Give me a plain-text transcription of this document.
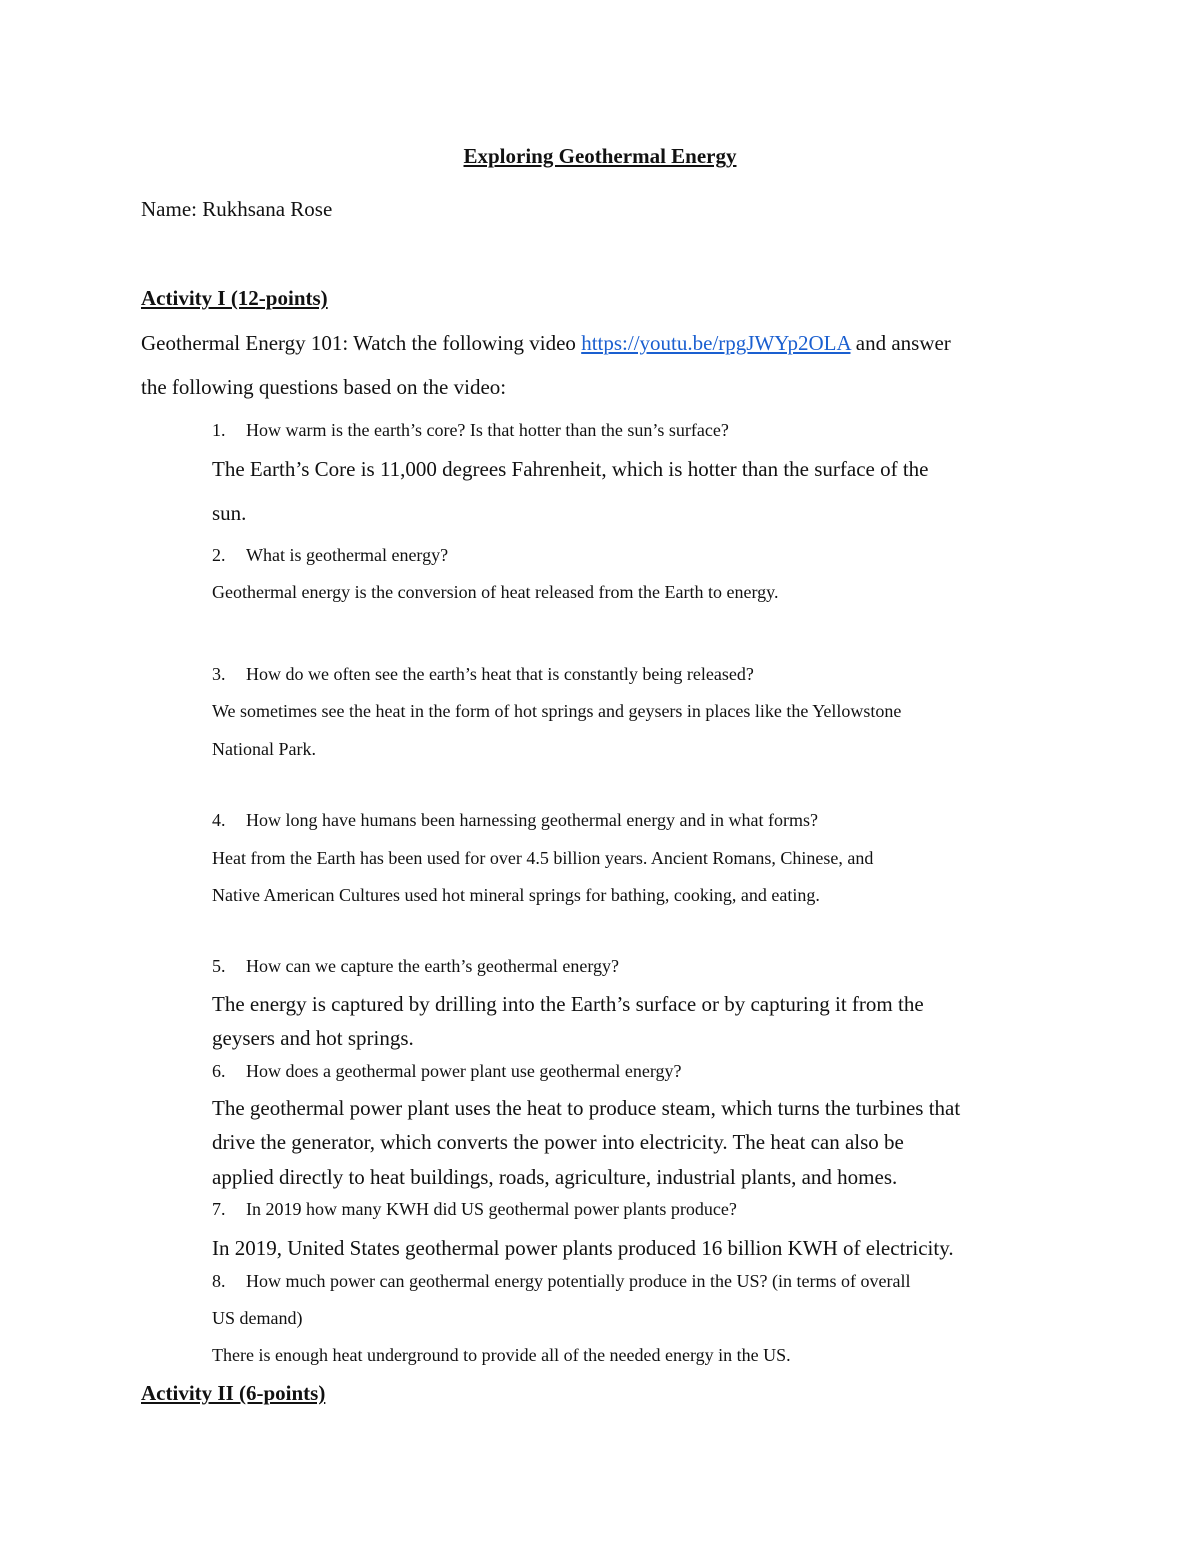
Exploring Geothermal Energy
Name: Rukhsana Rose
Activity I (12-points)
Geothermal Energy 101: Watch the following video https://youtu.be/rpgJWYp2OLA and answer
the following questions based on the video:
1. How warm is the earth’s core? Is that hotter than the sun’s surface?
The Earth’s Core is 11,000 degrees Fahrenheit, which is hotter than the surface of the
sun.
2. What is geothermal energy?
Geothermal energy is the conversion of heat released from the Earth to energy.
3. How do we often see the earth’s heat that is constantly being released?
We sometimes see the heat in the form of hot springs and geysers in places like the Yellowstone
National Park.
4. How long have humans been harnessing geothermal energy and in what forms?
Heat from the Earth has been used for over 4.5 billion years. Ancient Romans, Chinese, and
Native American Cultures used hot mineral springs for bathing, cooking, and eating.
5. How can we capture the earth’s geothermal energy?
The energy is captured by drilling into the Earth’s surface or by capturing it from the
geysers and hot springs.
6. How does a geothermal power plant use geothermal energy?
The geothermal power plant uses the heat to produce steam, which turns the turbines that
drive the generator, which converts the power into electricity. The heat can also be
applied directly to heat buildings, roads, agriculture, industrial plants, and homes.
7. In 2019 how many KWH did US geothermal power plants produce?
In 2019, United States geothermal power plants produced 16 billion KWH of electricity.
8. How much power can geothermal energy potentially produce in the US? (in terms of overall
US demand)
There is enough heat underground to provide all of the needed energy in the US.
Activity II (6-points)
